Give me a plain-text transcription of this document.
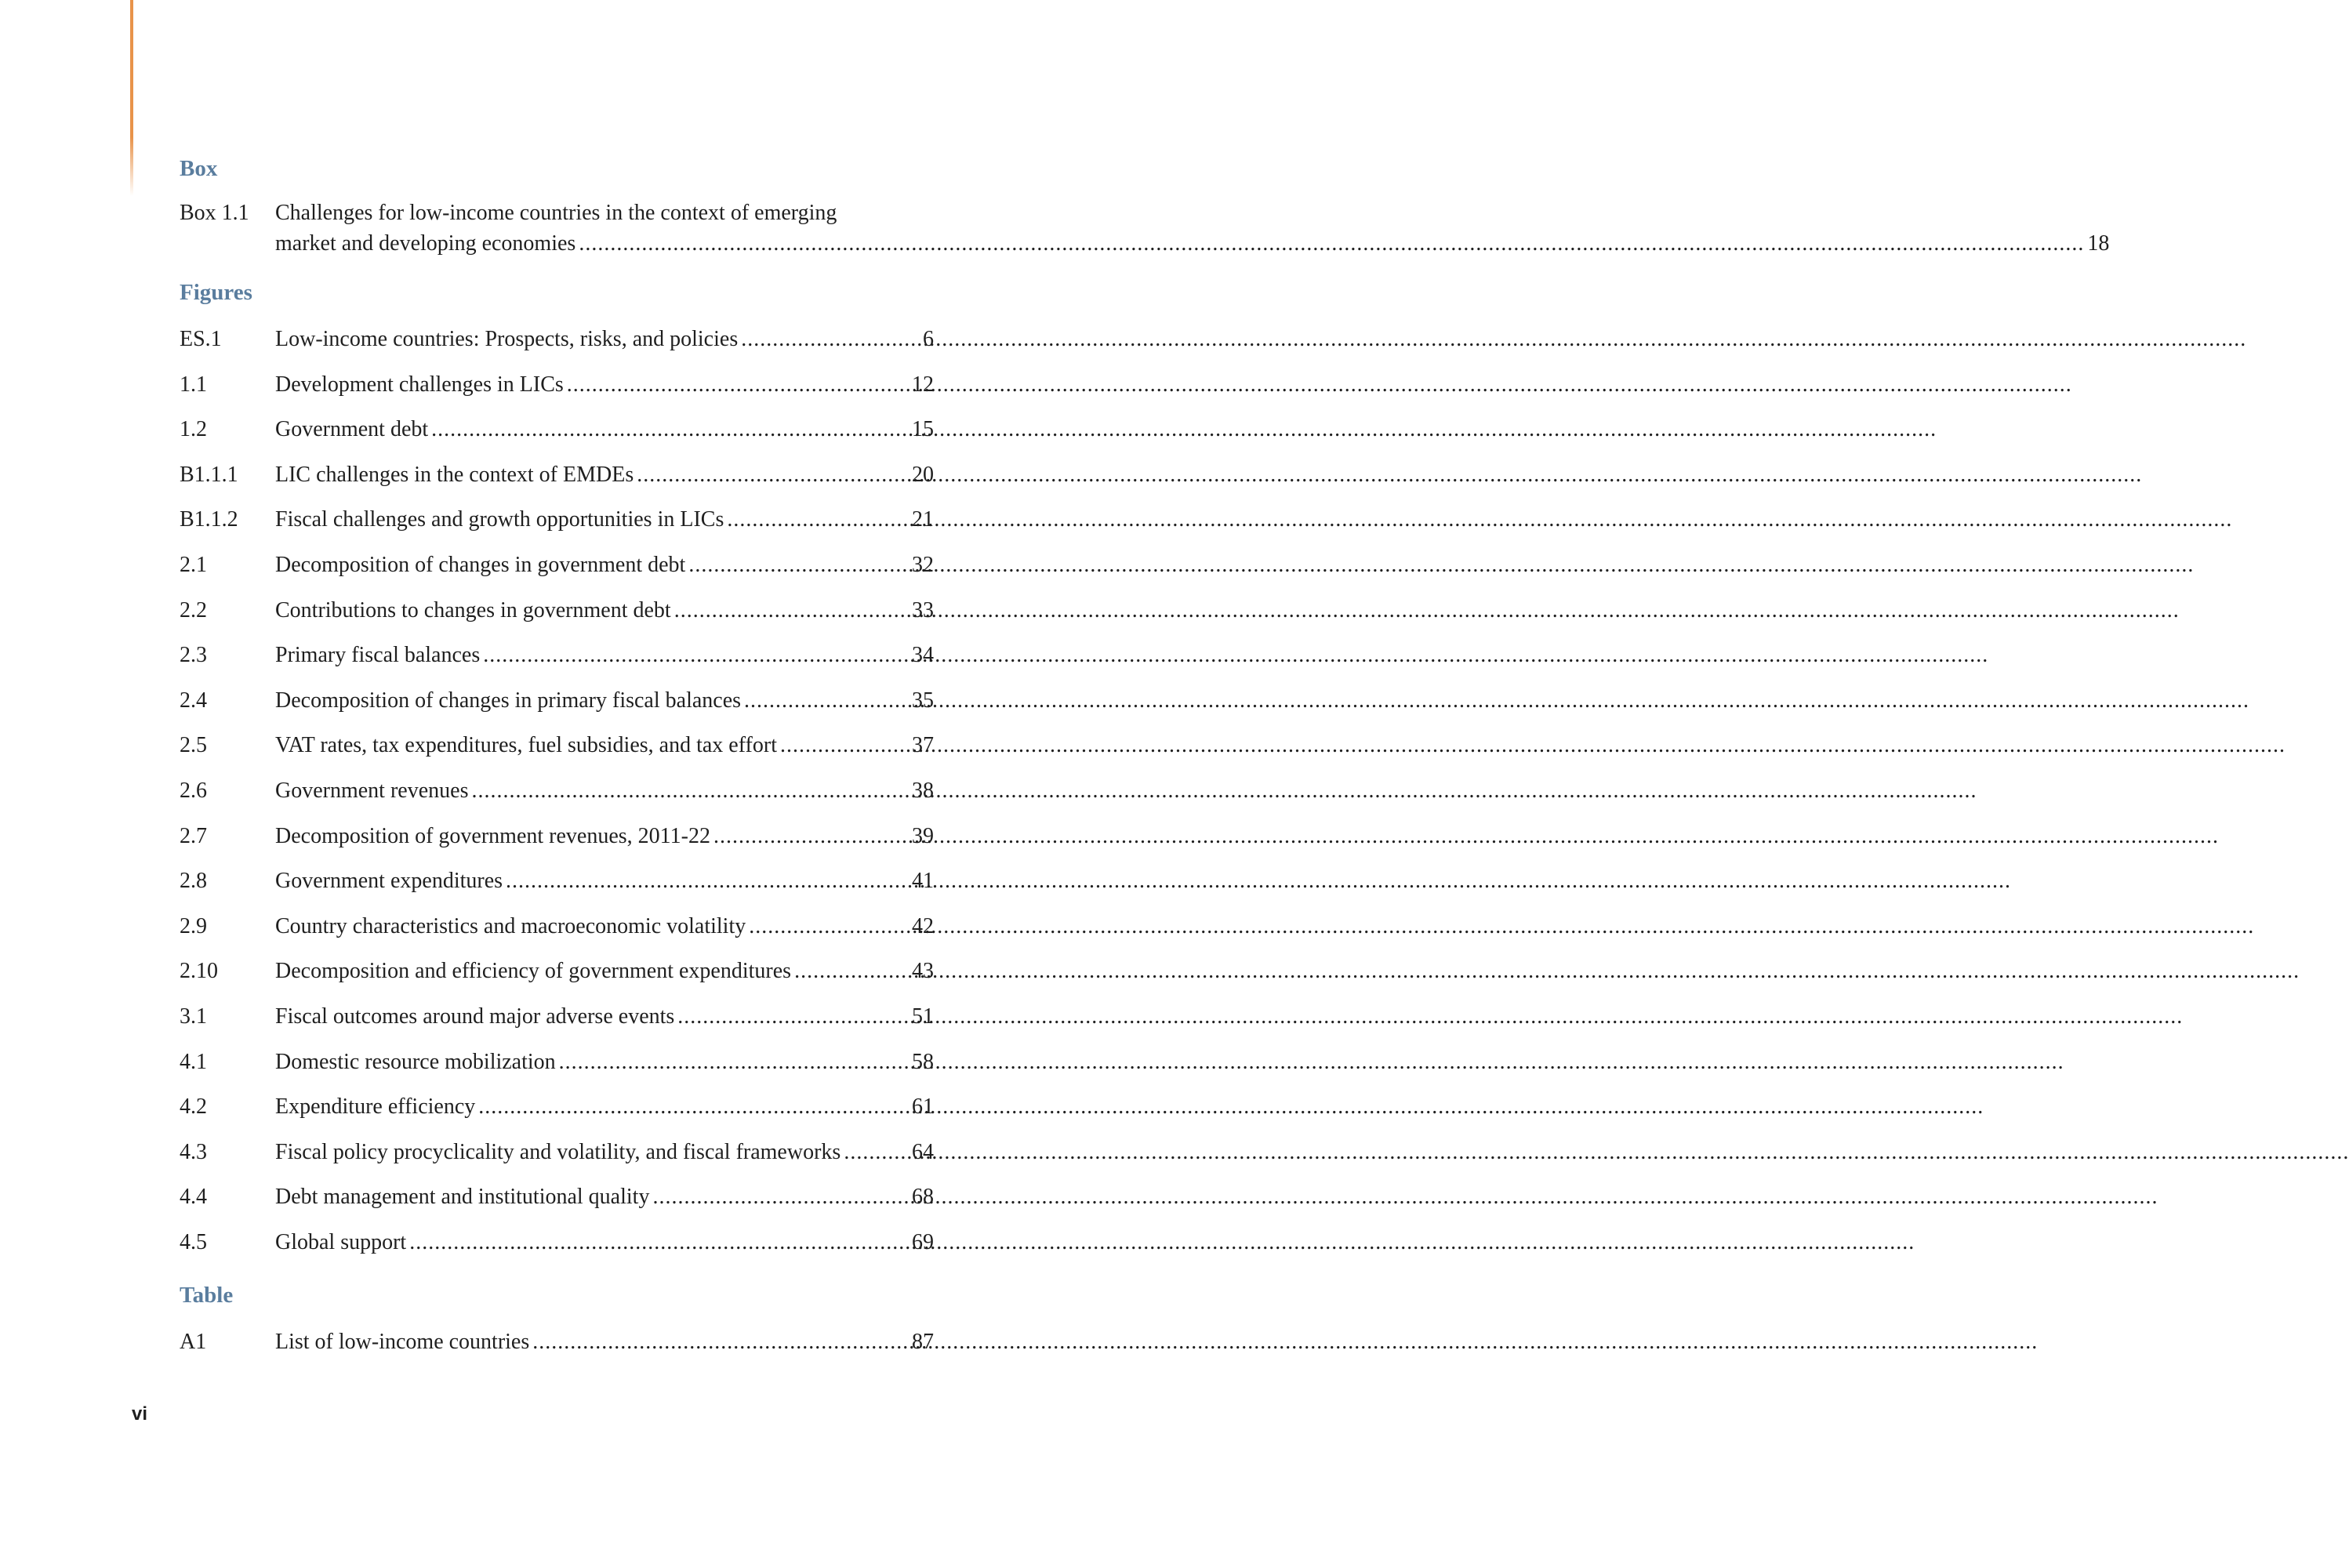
Box
Box 1.1	Challenges for low-income countries in the context of emerging
market and developing economies .....	18
Figures
ES.1	Low-income countries: Prospects, risks, and policies .....	6
1.1	Development challenges in LICs .....	12
1.2	Government debt .....	15
B1.1.1	LIC challenges in the context of EMDEs .....	20
B1.1.2	Fiscal challenges and growth opportunities in LICs .....	21
2.1	Decomposition of changes in government debt .....	32
2.2	Contributions to changes in government debt .....	33
2.3	Primary fiscal balances .....	34
2.4	Decomposition of changes in primary fiscal balances .....	35
2.5	VAT rates, tax expenditures, fuel subsidies, and tax effort .....	37
2.6	Government revenues .....	38
2.7	Decomposition of government revenues, 2011-22 .....	39
2.8	Government expenditures .....	41
2.9	Country characteristics and macroeconomic volatility .....	42
2.10	Decomposition and efficiency of government expenditures .....	43
3.1	Fiscal outcomes around major adverse events .....	51
4.1	Domestic resource mobilization .....	58
4.2	Expenditure efficiency .....	61
4.3	Fiscal policy procyclicality and volatility, and fiscal frameworks .....	64
4.4	Debt management and institutional quality .....	68
4.5	Global support .....	69
Table
A1	List of low-income countries .....	87
vi
